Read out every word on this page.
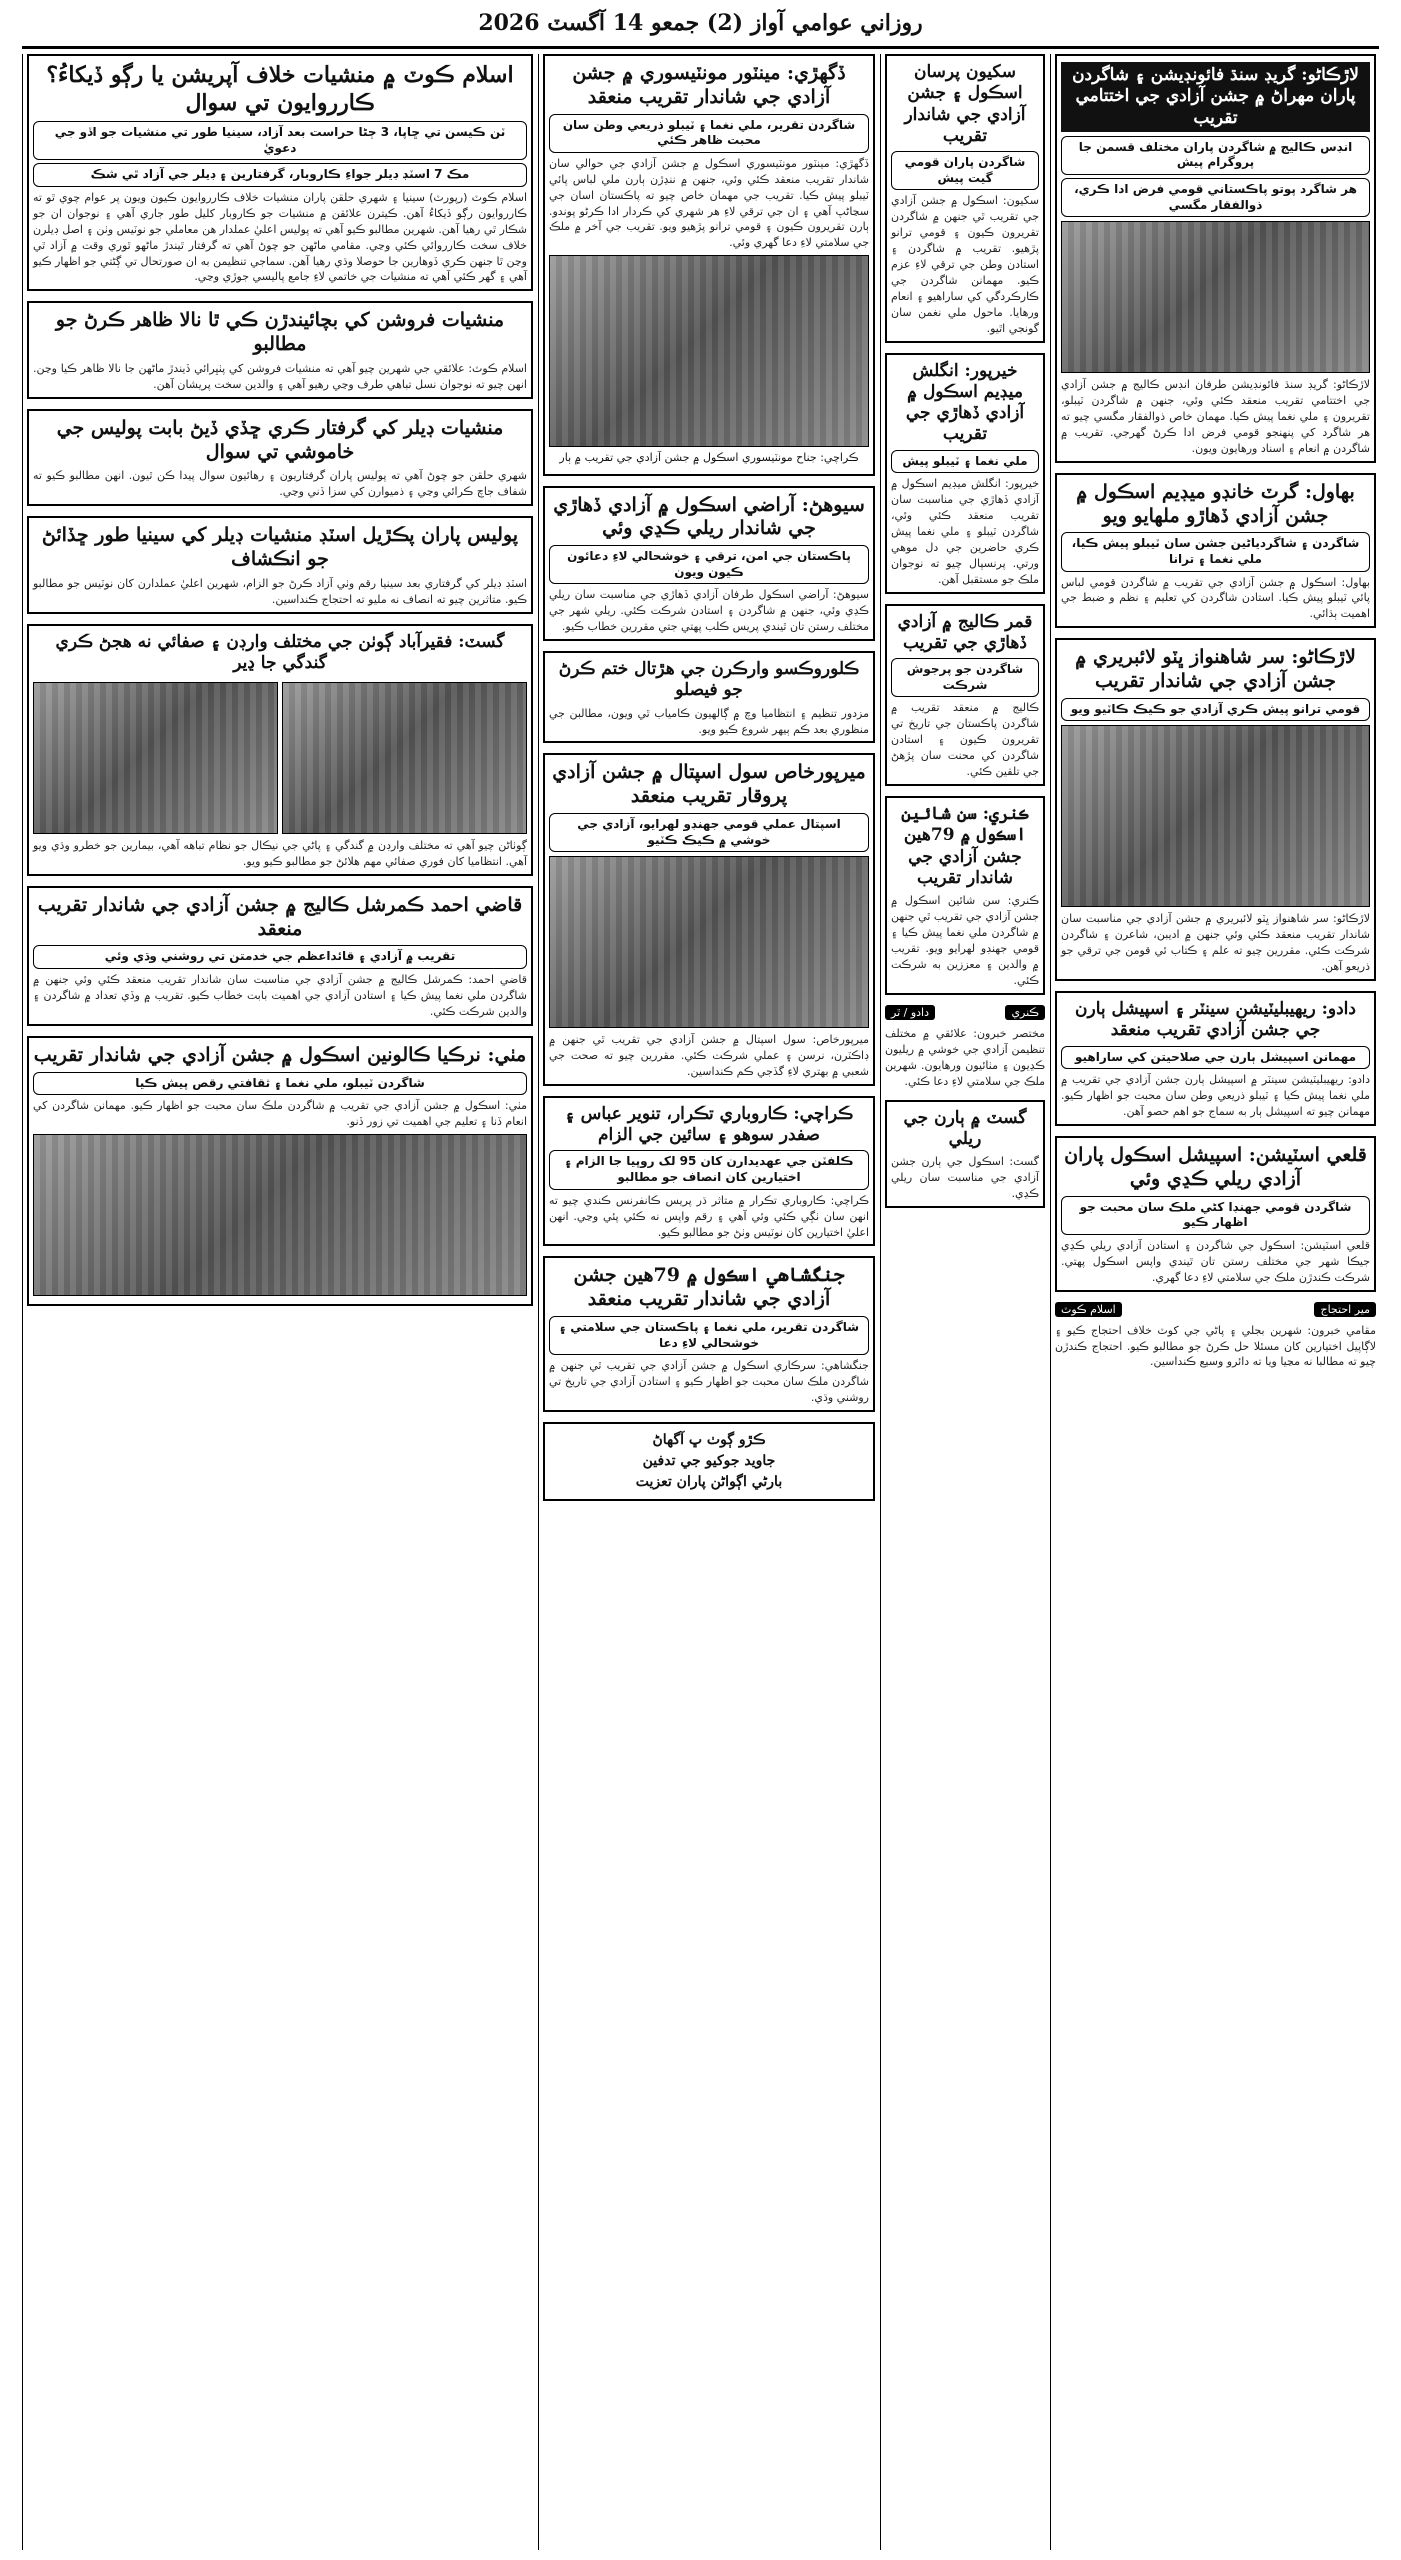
روزاني عوامي آواز (2) جمعو 14 آگسٽ 2026
لاڙڪاڻو: گريڊ سنڌ فائونڊيشن ۽ شاگردن پاران مهراڻ ۾ جشن آزادي جي اختتامي تقريب
انڊس ڪاليج ۾ شاگردن پاران مختلف قسمن جا پروگرام پيش
هر شاگرد پوتو پاڪستاني قومي فرض ادا ڪري، ذوالفقار مگسي

لاڙڪاڻو: گريڊ سنڌ فائونڊيشن طرفان انڊس ڪاليج ۾ جشن آزادي جي اختتامي تقريب منعقد ڪئي وئي، جنهن ۾ شاگردن ٽيبلو، تقريرون ۽ ملي نغما پيش ڪيا. مهمان خاص ذوالفقار مگسي چيو ته هر شاگرد کي پنهنجو قومي فرض ادا ڪرڻ گهرجي. تقريب ۾ شاگردن ۾ انعام ۽ اسناد ورهايون ويون.

بهاول: گرٽ خانڊو ميڊيم اسڪول ۾ جشن آزادي ڏهاڙو ملهايو ويو
شاگردن ۽ شاگردياڻين جشن سان ٽيبلو پيش ڪيا، ملي نغما ۽ ترانا

بهاول: اسڪول ۾ جشن آزادي جي تقريب ۾ شاگردن قومي لباس پائي ٽيبلو پيش ڪيا. استادن شاگردن کي تعليم ۽ نظم و ضبط جي اهميت ٻڌائي.

لاڙڪاڻو: سر شاهنواز ڀٽو لائبريري ۾ جشن آزادي جي شاندار تقريب
قومي ترانو پيش ڪري آزادي جو ڪيڪ ڪاٽيو ويو

لاڙڪاڻو: سر شاهنواز ڀٽو لائبريري ۾ جشن آزادي جي مناسبت سان شاندار تقريب منعقد ڪئي وئي جنهن ۾ اديبن، شاعرن ۽ شاگردن شرڪت ڪئي. مقررين چيو ته علم ۽ ڪتاب ئي قومن جي ترقي جو ذريعو آهن.

دادو: ريهيبليٽيشن سينٽر ۽ اسپيشل ٻارن جي جشن آزادي تقريب منعقد
مهمانن اسپيشل ٻارن جي صلاحيتن کي ساراهيو

دادو: ريهيبليٽيشن سينٽر ۾ اسپيشل ٻارن جشن آزادي جي تقريب ۾ ملي نغما پيش ڪيا ۽ ٽيبلو ذريعي وطن سان محبت جو اظهار ڪيو. مهمانن چيو ته اسپيشل ٻار به سماج جو اهم حصو آهن.

قلعي اسٽيشن: اسپيشل اسڪول پاران آزادي ريلي ڪڍي وئي
شاگردن قومي جهنڊا کڻي ملڪ سان محبت جو اظهار ڪيو

قلعي اسٽيشن: اسڪول جي شاگردن ۽ استادن آزادي ريلي ڪڍي جيڪا شهر جي مختلف رستن تان ٿيندي واپس اسڪول پهتي. شرڪت ڪندڙن ملڪ جي سلامتي لاءِ دعا گهري.

مير احتجاج
اسلام ڪوٽ

مقامي خبرون: شهرين بجلي ۽ پاڻي جي کوٽ خلاف احتجاج ڪيو ۽ لاڳاپيل اختيارين کان مسئلا حل ڪرڻ جو مطالبو ڪيو. احتجاج ڪندڙن چيو ته مطالبا نه مڃيا ويا ته دائرو وسيع ڪنداسين.

سکيون پرسان اسڪول ۽ جشن آزادي جي شاندار تقريب
شاگردن پاران قومي گيت پيش

سکيون: اسڪول ۾ جشن آزادي جي تقريب ٿي جنهن ۾ شاگردن تقريرون ڪيون ۽ قومي ترانو پڙهيو. تقريب ۾ شاگردن ۽ استادن وطن جي ترقي لاءِ عزم ڪيو. مهمانن شاگردن جي ڪارڪردگي کي ساراهيو ۽ انعام ورهايا. ماحول ملي نغمن سان گونجي اٿيو.

خيرپور: انگلش ميڊيم اسڪول ۾ آزادي ڏهاڙي جي تقريب
ملي نغما ۽ ٽيبلو پيش

خيرپور: انگلش ميڊيم اسڪول ۾ آزادي ڏهاڙي جي مناسبت سان تقريب منعقد ڪئي وئي، شاگردن ٽيبلو ۽ ملي نغما پيش ڪري حاضرين جي دل موهي ورتي. پرنسپال چيو ته نوجوان ملڪ جو مستقبل آهن.

قمر ڪاليج ۾ آزادي ڏهاڙي جي تقريب
شاگردن جو پرجوش شرڪت

ڪاليج ۾ منعقد تقريب ۾ شاگردن پاڪستان جي تاريخ تي تقريرون ڪيون ۽ استادن شاگردن کي محنت سان پڙهڻ جي تلقين ڪئي.

ڪنري: سن شائين اسڪول ۾ 79هين جشن آزادي جي شاندار تقريب

ڪنري: سن شائين اسڪول ۾ جشن آزادي جي تقريب ٿي جنهن ۾ شاگردن ملي نغما پيش ڪيا ۽ قومي جهنڊو لهرايو ويو. تقريب ۾ والدين ۽ معززين به شرڪت ڪئي.

ڪنري
دادو / ٿر

مختصر خبرون: علائقي ۾ مختلف تنظيمن آزادي جي خوشي ۾ ريليون ڪڍيون ۽ مٺائيون ورهايون. شهرين ملڪ جي سلامتي لاءِ دعا ڪئي.

گسٽ ۾ ٻارن جي ريلي

گسٽ: اسڪول جي ٻارن جشن آزادي جي مناسبت سان ريلي ڪڍي.

ڏگهڙي: مينٽور مونٽيسوري ۾ جشن آزادي جي شاندار تقريب منعقد
شاگردن تقرير، ملي نغما ۽ ٽيبلو ذريعي وطن سان محبت ظاهر ڪئي

ڏگهڙي: مينٽور مونٽيسوري اسڪول ۾ جشن آزادي جي حوالي سان شاندار تقريب منعقد ڪئي وئي، جنهن ۾ ننڍڙن ٻارن ملي لباس پائي ٽيبلو پيش ڪيا. تقريب جي مهمان خاص چيو ته پاڪستان اسان جي سڃاڻپ آهي ۽ ان جي ترقي لاءِ هر شهري کي ڪردار ادا ڪرڻو پوندو. ٻارن تقريرون ڪيون ۽ قومي ترانو پڙهيو ويو. تقريب جي آخر ۾ ملڪ جي سلامتي لاءِ دعا گهري وئي.

ڪراچي: جناح مونٽيسوري اسڪول ۾ جشن آزادي جي تقريب ۾ ٻار
سيوهڻ: آراضي اسڪول ۾ آزادي ڏهاڙي جي شاندار ريلي ڪڍي وئي
پاڪستان جي امن، ترقي ۽ خوشحالي لاءِ دعائون ڪيون ويون

سيوهڻ: آراضي اسڪول طرفان آزادي ڏهاڙي جي مناسبت سان ريلي ڪڍي وئي، جنهن ۾ شاگردن ۽ استادن شرڪت ڪئي. ريلي شهر جي مختلف رستن تان ٿيندي پريس ڪلب پهتي جتي مقررين خطاب ڪيو.

ڪلوروڪسو وارڪرن جي هڙتال ختم ڪرڻ جو فيصلو

مزدور تنظيم ۽ انتظاميا وچ ۾ ڳالهيون ڪامياب ٿي ويون، مطالبن جي منظوري بعد ڪم ٻيهر شروع ڪيو ويو.

ميرپورخاص سول اسپتال ۾ جشن آزادي پروقار تقريب منعقد
اسپتال عملي قومي جهنڊو لهرايو، آزادي جي خوشي ۾ ڪيڪ ڪٽيو

ميرپورخاص: سول اسپتال ۾ جشن آزادي جي تقريب ٿي جنهن ۾ ڊاڪٽرن، نرسن ۽ عملي شرڪت ڪئي. مقررين چيو ته صحت جي شعبي ۾ بهتري لاءِ گڏجي ڪم ڪنداسين.

ڪراچي: ڪاروباري تڪرار، تنوير عباس ۽ صفدر سوهو ۽ سائين جي الزام
ڪلفٽن جي عهديدارن کان 95 لک روپيا جا الزام ۽ اختيارين کان انصاف جو مطالبو

ڪراچي: ڪاروباري تڪرار ۾ متاثر ڌر پريس ڪانفرنس ڪندي چيو ته انهن سان ٺڳي ڪئي وئي آهي ۽ رقم واپس نه ڪئي پئي وڃي. انهن اعليٰ اختيارين کان نوٽيس وٺڻ جو مطالبو ڪيو.

جنگشاهي اسڪول ۾ 79هين جشن آزادي جي شاندار تقريب منعقد
شاگردن تقرير، ملي نغما ۽ پاڪستان جي سلامتي ۽ خوشحالي لاءِ دعا

جنگشاهي: سرڪاري اسڪول ۾ جشن آزادي جي تقريب ٿي جنهن ۾ شاگردن ملڪ سان محبت جو اظهار ڪيو ۽ استادن آزادي جي تاريخ تي روشني وڌي.

ڪڙو ڳوٺ ڀ آگهاڻ
جاويد جوکيو جي تدفين
بارڻي اڳواڻن پاران تعزيت
اسلام ڪوٽ ۾ منشيات خلاف آپريشن يا رڳو ڏيکاءُ؟ ڪارروايون تي سوال
ٽن ڪيسن تي ڇاپا، 3 ڄڻا حراست بعد آزاد، سينيا طور تي منشيات جو اڏو جي دعويٰ
مڪ 7 اسٽڊ ڊيلر جواءِ ڪاروبار، گرفتارين ۽ ڊيلر جي آزاد ٿي شڪ

اسلام ڪوٽ (رپورٽ) سينيا ۽ شهري حلقن پاران منشيات خلاف ڪارروايون ڪيون ويون پر عوام چوي ٿو ته ڪارروايون رڳو ڏيکاءُ آهن. ڪيترن علائقن ۾ منشيات جو ڪاروبار کليل طور جاري آهي ۽ نوجوان ان جو شڪار ٿي رهيا آهن. شهرين مطالبو ڪيو آهي ته پوليس اعليٰ عملدار هن معاملي جو نوٽيس وٺن ۽ اصل ڊيلرن خلاف سخت ڪارروائي ڪئي وڃي. مقامي ماڻهن جو چوڻ آهي ته گرفتار ٿيندڙ ماڻهو ٿوري وقت ۾ آزاد ٿي وڃن ٿا جنهن ڪري ڏوهارين جا حوصلا وڌي رهيا آهن. سماجي تنظيمن به ان صورتحال تي ڳڻتي جو اظهار ڪيو آهي ۽ گهر ڪئي آهي ته منشيات جي خاتمي لاءِ جامع پاليسي جوڙي وڃي.

منشيات فروشن کي بچائيندڙن ڪي ٿا نالا ظاهر ڪرڻ جو مطالبو

اسلام ڪوٽ: علائقي جي شهرين چيو آهي ته منشيات فروشن کي پٺڀرائي ڏيندڙ ماڻهن جا نالا ظاهر ڪيا وڃن. انهن چيو ته نوجوان نسل تباهي طرف وڃي رهيو آهي ۽ والدين سخت پريشان آهن.

منشيات ڊيلر کي گرفتار ڪري ڇڏي ڏيڻ بابت پوليس جي خاموشي تي سوال

شهري حلقن جو چوڻ آهي ته پوليس پاران گرفتاريون ۽ رهائيون سوال پيدا ڪن ٿيون. انهن مطالبو ڪيو ته شفاف جاچ ڪرائي وڃي ۽ ذميوارن کي سزا ڏني وڃي.

پوليس پاران پڪڙيل اسٽڊ منشيات ڊيلر کي سينيا طور ڇڏائڻ جو انڪشاف

اسٽڊ ڊيلر کي گرفتاري بعد سينيا رقم وٺي آزاد ڪرڻ جو الزام، شهرين اعليٰ عملدارن کان نوٽيس جو مطالبو ڪيو. متاثرين چيو ته انصاف نه مليو ته احتجاج ڪنداسين.

گسٽ: فقيرآباد ڳوٺن جي مختلف وارڊن ۽ صفائي نه هجڻ ڪري گندگي جا ڍير

ڳوٺاڻن چيو آهي ته مختلف وارڊن ۾ گندگي ۽ پاڻي جي نيڪال جو نظام تباهه آهي، بيمارين جو خطرو وڌي ويو آهي. انتظاميا کان فوري صفائي مهم هلائڻ جو مطالبو ڪيو ويو.

قاضي احمد ڪمرشل ڪاليج ۾ جشن آزادي جي شاندار تقريب منعقد
تقريب ۾ آزادي ۽ قائداعظم جي خدمتن تي روشني وڌي وئي

قاضي احمد: ڪمرشل ڪاليج ۾ جشن آزادي جي مناسبت سان شاندار تقريب منعقد ڪئي وئي جنهن ۾ شاگردن ملي نغما پيش ڪيا ۽ استادن آزادي جي اهميت بابت خطاب ڪيو. تقريب ۾ وڏي تعداد ۾ شاگردن ۽ والدين شرڪت ڪئي.

مٺي: نرڪيا ڪالونين اسڪول ۾ جشن آزادي جي شاندار تقريب
شاگردن ٽيبلو، ملي نغما ۽ ثقافتي رقص پيش ڪيا

مٺي: اسڪول ۾ جشن آزادي جي تقريب ۾ شاگردن ملڪ سان محبت جو اظهار ڪيو. مهمانن شاگردن کي انعام ڏنا ۽ تعليم جي اهميت تي زور ڏنو.
